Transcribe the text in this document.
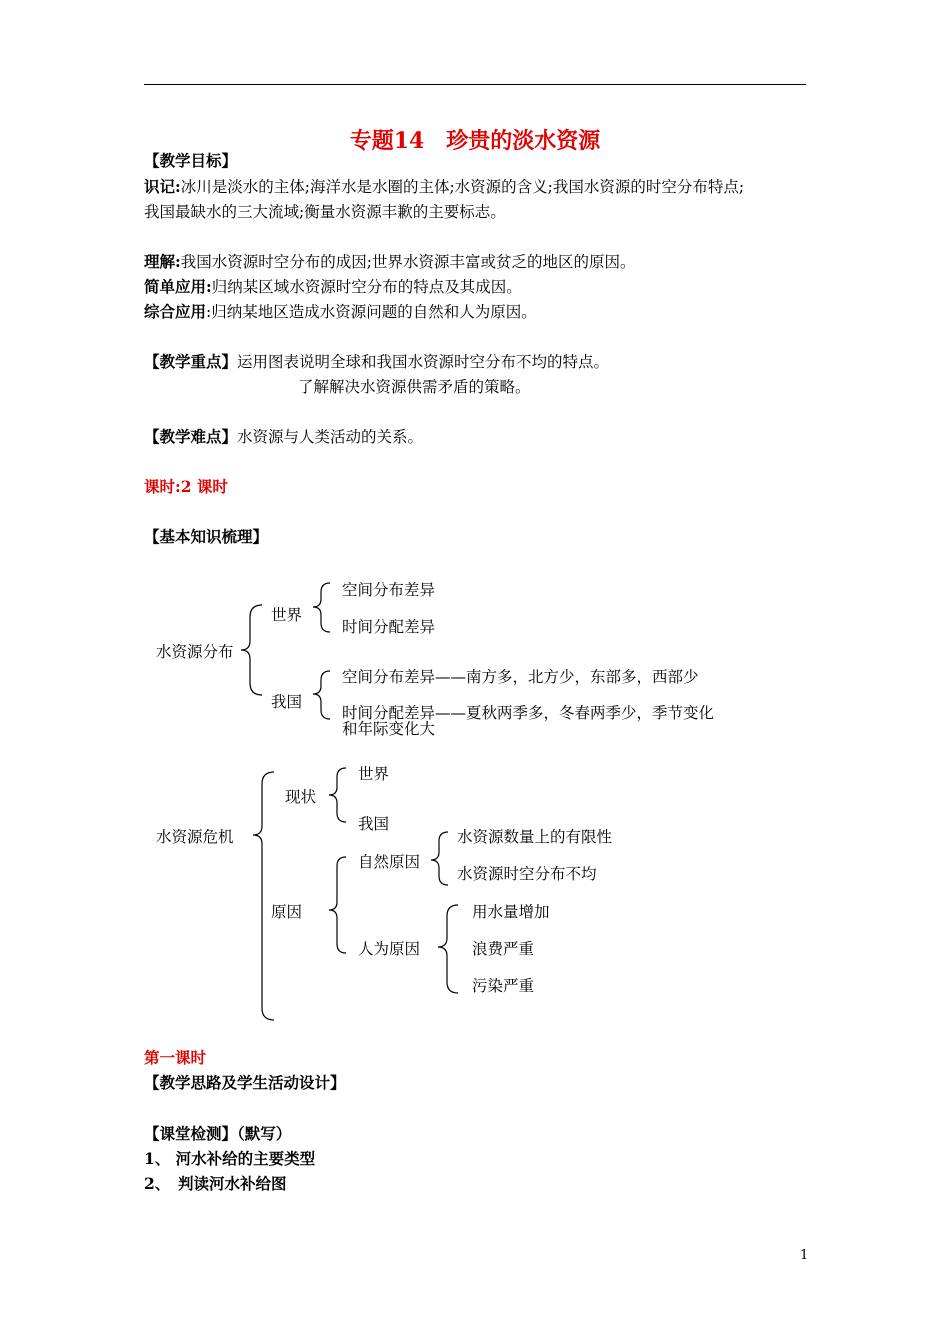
专题14　珍贵的淡水资源
【教学目标】
识记:冰川是淡水的主体;海洋水是水圈的主体;水资源的含义;我国水资源的时空分布特点;
我国最缺水的三大流域;衡量水资源丰歉的主要标志。
理解:我国水资源时空分布的成因;世界水资源丰富或贫乏的地区的原因。
简单应用:归纳某区域水资源时空分布的特点及其成因。
综合应用:归纳某地区造成水资源问题的自然和人为原因。
【教学重点】运用图表说明全球和我国水资源时空分布不均的特点。
了解解决水资源供需矛盾的策略。
【教学难点】水资源与人类活动的关系。
课时:2 课时
【基本知识梳理】
水资源分布
世界
空间分布差异
时间分配差异
我国
空间分布差异——南方多，北方少，东部多，西部少
时间分配差异——夏秋两季多，冬春两季少，季节变化
和年际变化大
水资源危机
现状
世界
我国
原因
自然原因
水资源数量上的有限性
水资源时空分布不均
人为原因
用水量增加
浪费严重
污染严重
第一课时
【教学思路及学生活动设计】
【课堂检测】（默写）
1、 河水补给的主要类型
2、　判读河水补给图
1
